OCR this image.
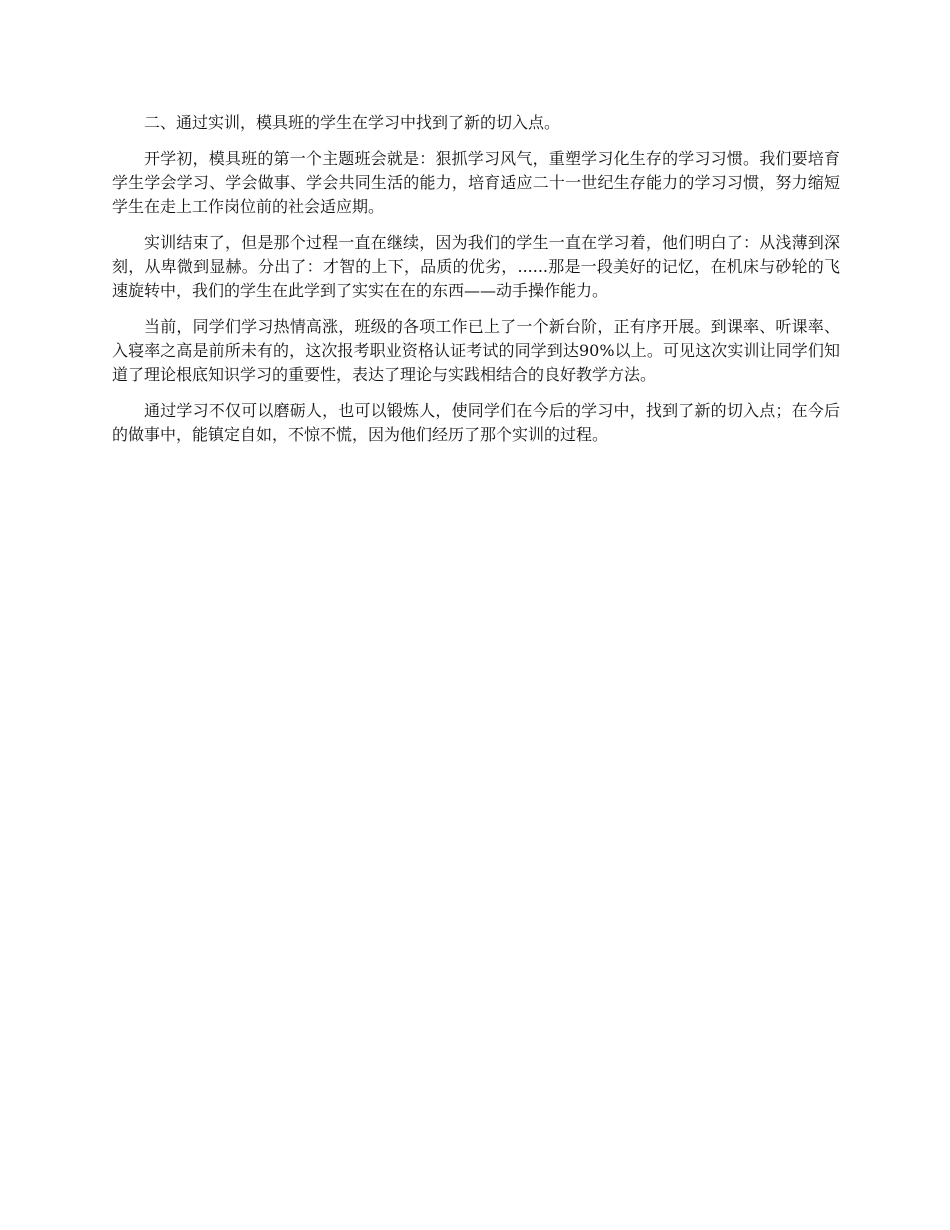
二、通过实训，模具班的学生在学习中找到了新的切入点。

开学初，模具班的第一个主题班会就是：狠抓学习风气，重塑学习化生存的学习习惯。我们要培育学生学会学习、学会做事、学会共同生活的能力，培育适应二十一世纪生存能力的学习习惯，努力缩短学生在走上工作岗位前的社会适应期。

实训结束了，但是那个过程一直在继续，因为我们的学生一直在学习着，他们明白了：从浅薄到深刻，从卑微到显赫。分出了：才智的上下，品质的优劣，......那是一段美好的记忆，在机床与砂轮的飞速旋转中，我们的学生在此学到了实实在在的东西——动手操作能力。

当前，同学们学习热情高涨，班级的各项工作已上了一个新台阶，正有序开展。到课率、听课率、入寝率之高是前所未有的，这次报考职业资格认证考试的同学到达90%以上。可见这次实训让同学们知道了理论根底知识学习的重要性，表达了理论与实践相结合的良好教学方法。

通过学习不仅可以磨砺人，也可以锻炼人，使同学们在今后的学习中，找到了新的切入点；在今后的做事中，能镇定自如，不惊不慌，因为他们经历了那个实训的过程。
